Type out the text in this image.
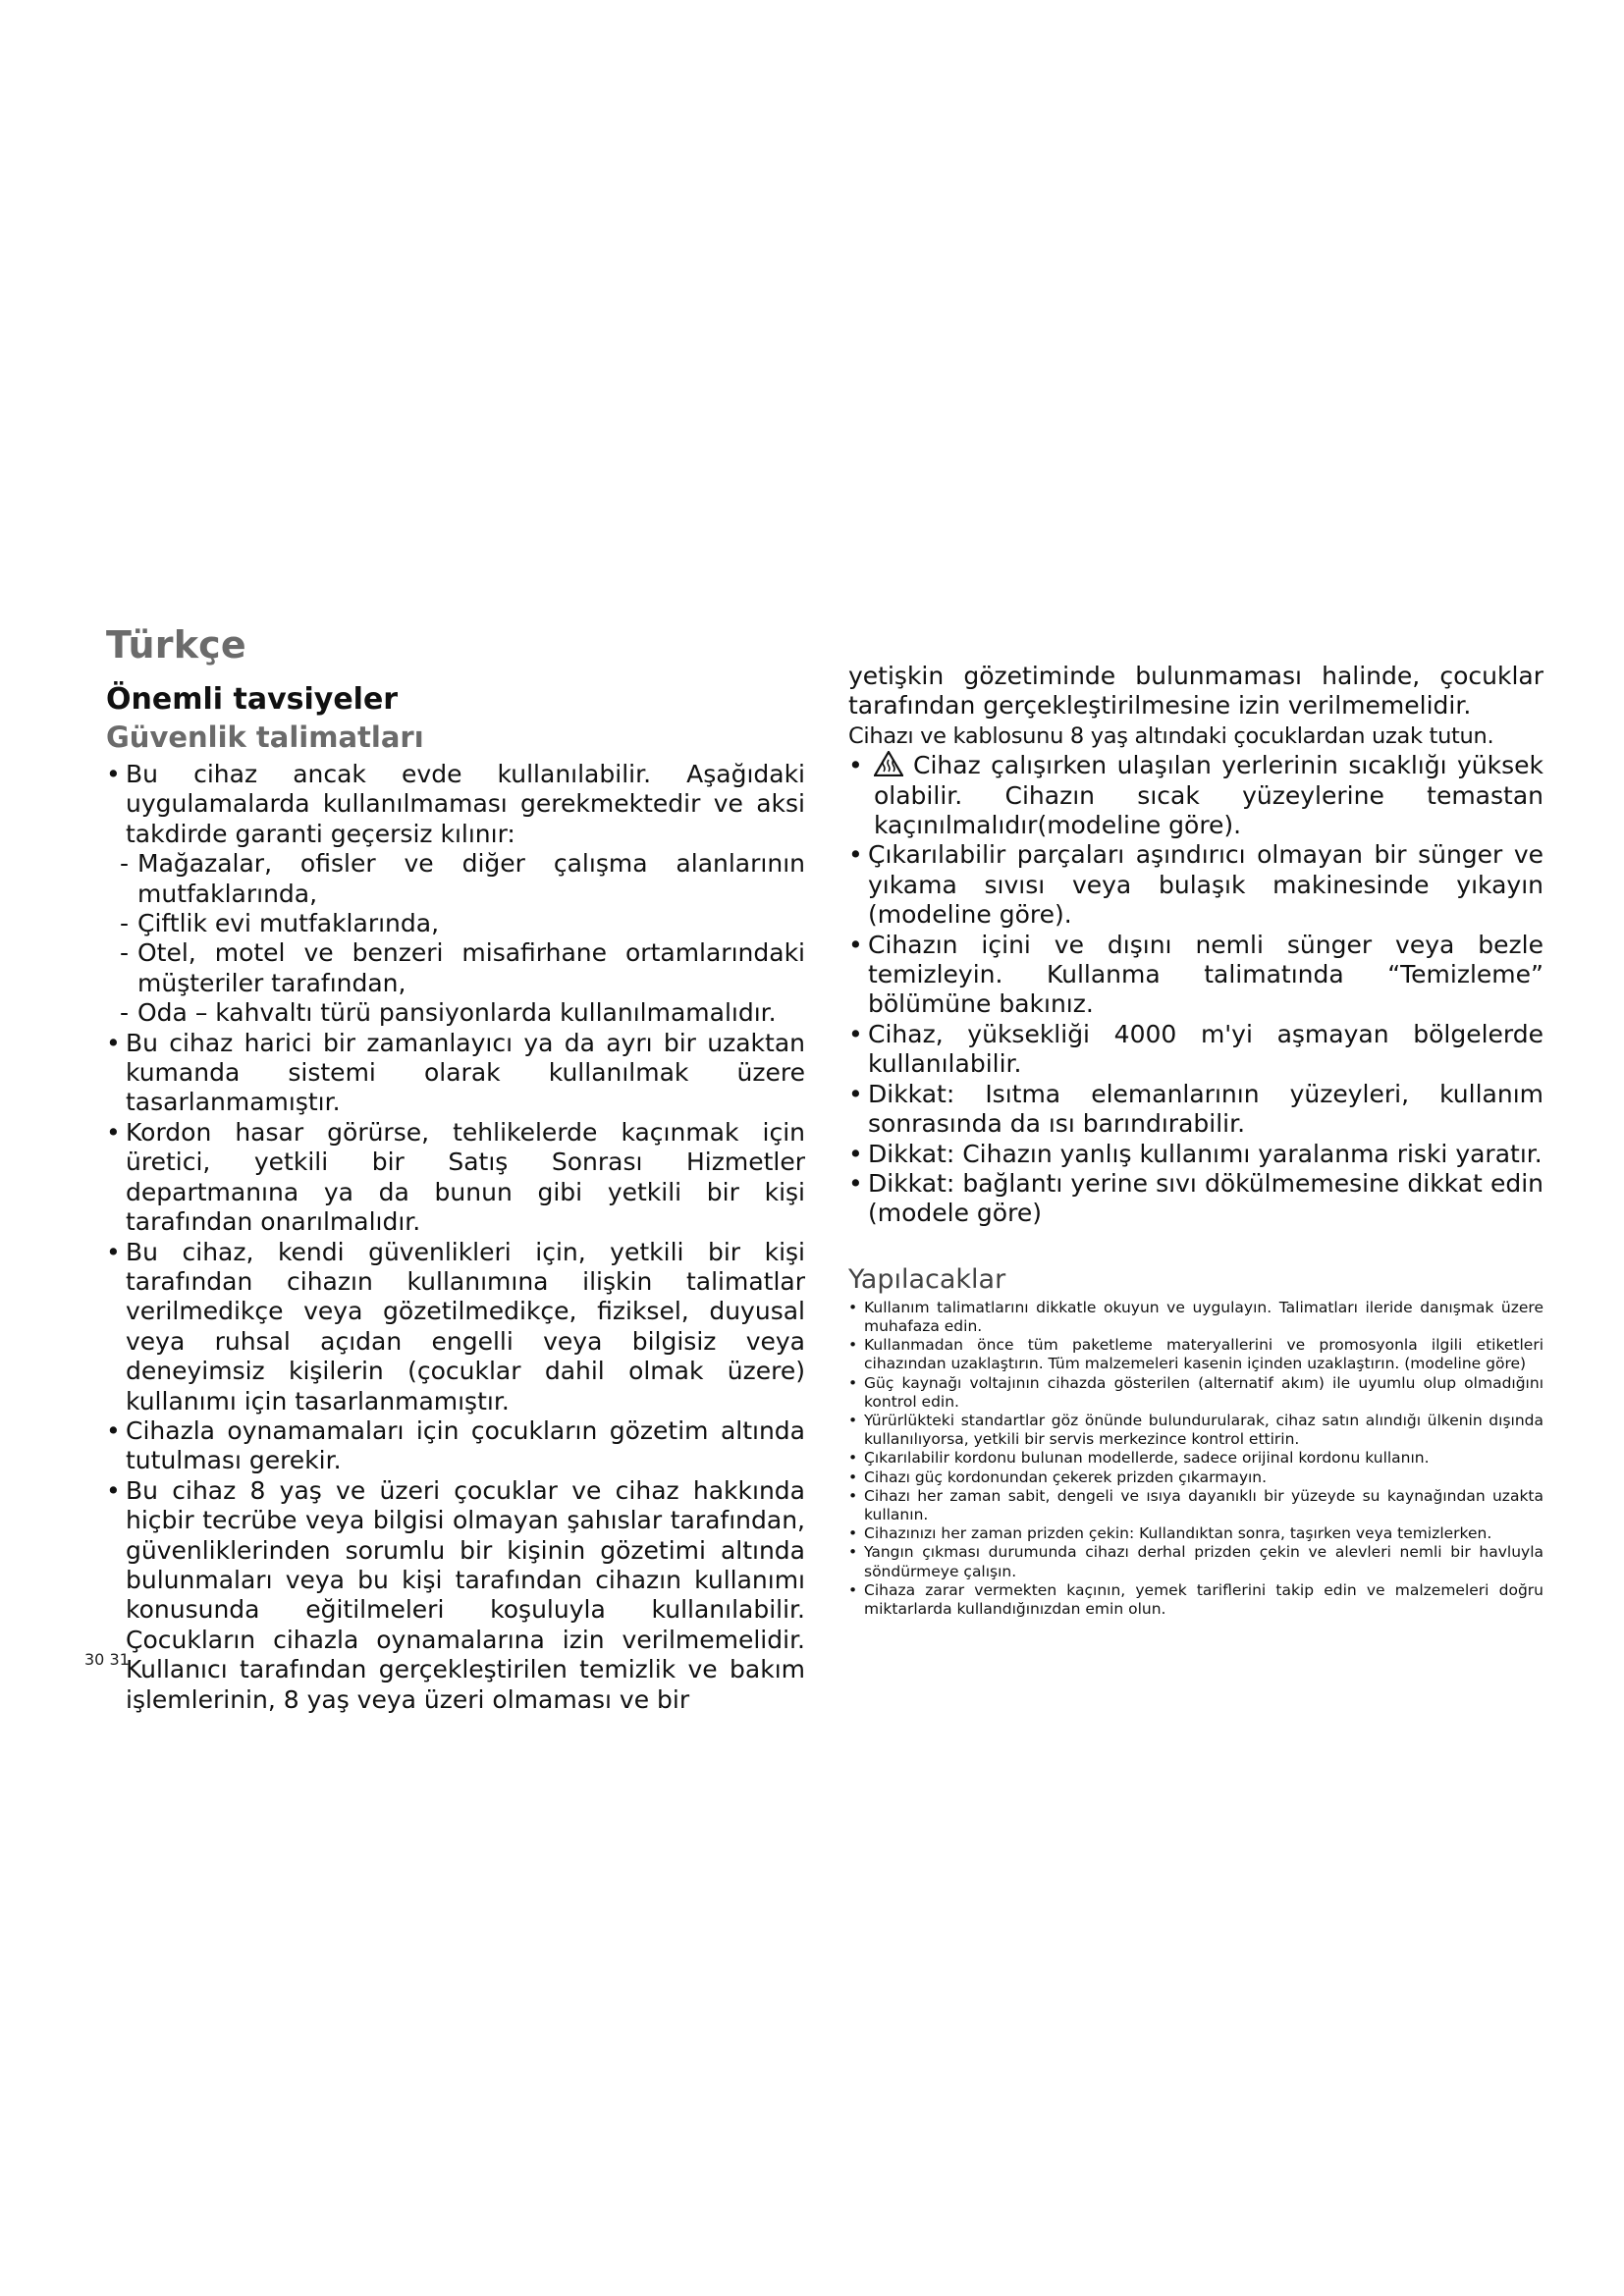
Türkçe
Önemli tavsiyeler
Güvenlik talimatları

• Bu cihaz ancak evde kullanılabilir. Aşağıdaki uygulamalarda kullanılmaması gerekmektedir ve aksi takdirde garanti geçersiz kılınır:

- Mağazalar, ofisler ve diğer çalışma alanlarının mutfaklarında,

- Çiftlik evi mutfaklarında,

- Otel, motel ve benzeri misafirhane ortamlarındaki müşteriler tarafından,

- Oda – kahvaltı türü pansiyonlarda kullanılmamalıdır.

• Bu cihaz harici bir zamanlayıcı ya da ayrı bir uzaktan kumanda sistemi olarak kullanılmak üzere tasarlanmamıştır.

• Kordon hasar görürse, tehlikelerde kaçınmak için üretici, yetkili bir Satış Sonrası Hizmetler departmanına ya da bunun gibi yetkili bir kişi tarafından onarılmalıdır.

• Bu cihaz, kendi güvenlikleri için, yetkili bir kişi tarafından cihazın kullanımına ilişkin talimatlar verilmedikçe veya gözetilmedikçe, fiziksel, duyusal veya ruhsal açıdan engelli veya bilgisiz veya deneyimsiz kişilerin (çocuklar dahil olmak üzere) kullanımı için tasarlanmamıştır.

• Cihazla oynamamaları için çocukların gözetim altında tutulması gerekir.

• Bu cihaz 8 yaş ve üzeri çocuklar ve cihaz hakkında hiçbir tecrübe veya bilgisi olmayan şahıslar tarafından, güvenliklerinden sorumlu bir kişinin gözetimi altında bulunmaları veya bu kişi tarafından cihazın kullanımı konusunda eğitilmeleri koşuluyla kullanılabilir. Çocukların cihazla oynamalarına izin verilmemelidir. Kullanıcı tarafından gerçekleştirilen temizlik ve bakım işlemlerinin, 8 yaş veya üzeri olmaması ve bir

yetişkin gözetiminde bulunmaması halinde, çocuklar tarafından gerçekleştirilmesine izin verilmemelidir.

Cihazı ve kablosunu 8 yaş altındaki çocuklardan uzak tutun.

• Cihaz çalışırken ulaşılan yerlerinin sıcaklığı yüksek olabilir. Cihazın sıcak yüzeylerine temastan kaçınılmalıdır(modeline göre).

• Çıkarılabilir parçaları aşındırıcı olmayan bir sünger ve yıkama sıvısı veya bulaşık makinesinde yıkayın (modeline göre).

• Cihazın içini ve dışını nemli sünger veya bezle temizleyin. Kullanma talimatında “Temizleme” bölümüne bakınız.

• Cihaz, yüksekliği 4000 m'yi aşmayan bölgelerde kullanılabilir.

• Dikkat: Isıtma elemanlarının yüzeyleri, kullanım sonrasında da ısı barındırabilir.

• Dikkat: Cihazın yanlış kullanımı yaralanma riski yaratır.

• Dikkat: bağlantı yerine sıvı dökülmemesine dikkat edin (modele göre)

Yapılacaklar

• Kullanım talimatlarını dikkatle okuyun ve uygulayın. Talimatları ileride danışmak üzere muhafaza edin.

• Kullanmadan önce tüm paketleme materyallerini ve promosyonla ilgili etiketleri cihazından uzaklaştırın. Tüm malzemeleri kasenin içinden uzaklaştırın. (modeline göre)

• Güç kaynağı voltajının cihazda gösterilen (alternatif akım) ile uyumlu olup olmadığını kontrol edin.

• Yürürlükteki standartlar göz önünde bulundurularak, cihaz satın alındığı ülkenin dışında kullanılıyorsa, yetkili bir servis merkezince kontrol ettirin.

• Çıkarılabilir kordonu bulunan modellerde, sadece orijinal kordonu kullanın.

• Cihazı güç kordonundan çekerek prizden çıkarmayın.

• Cihazı her zaman sabit, dengeli ve ısıya dayanıklı bir yüzeyde su kaynağından uzakta kullanın.

• Cihazınızı her zaman prizden çekin: Kullandıktan sonra, taşırken veya temizlerken.

• Yangın çıkması durumunda cihazı derhal prizden çekin ve alevleri nemli bir havluyla söndürmeye çalışın.

• Cihaza zarar vermekten kaçının, yemek tariflerini takip edin ve malzemeleri doğru miktarlarda kullandığınızdan emin olun.

30 31
